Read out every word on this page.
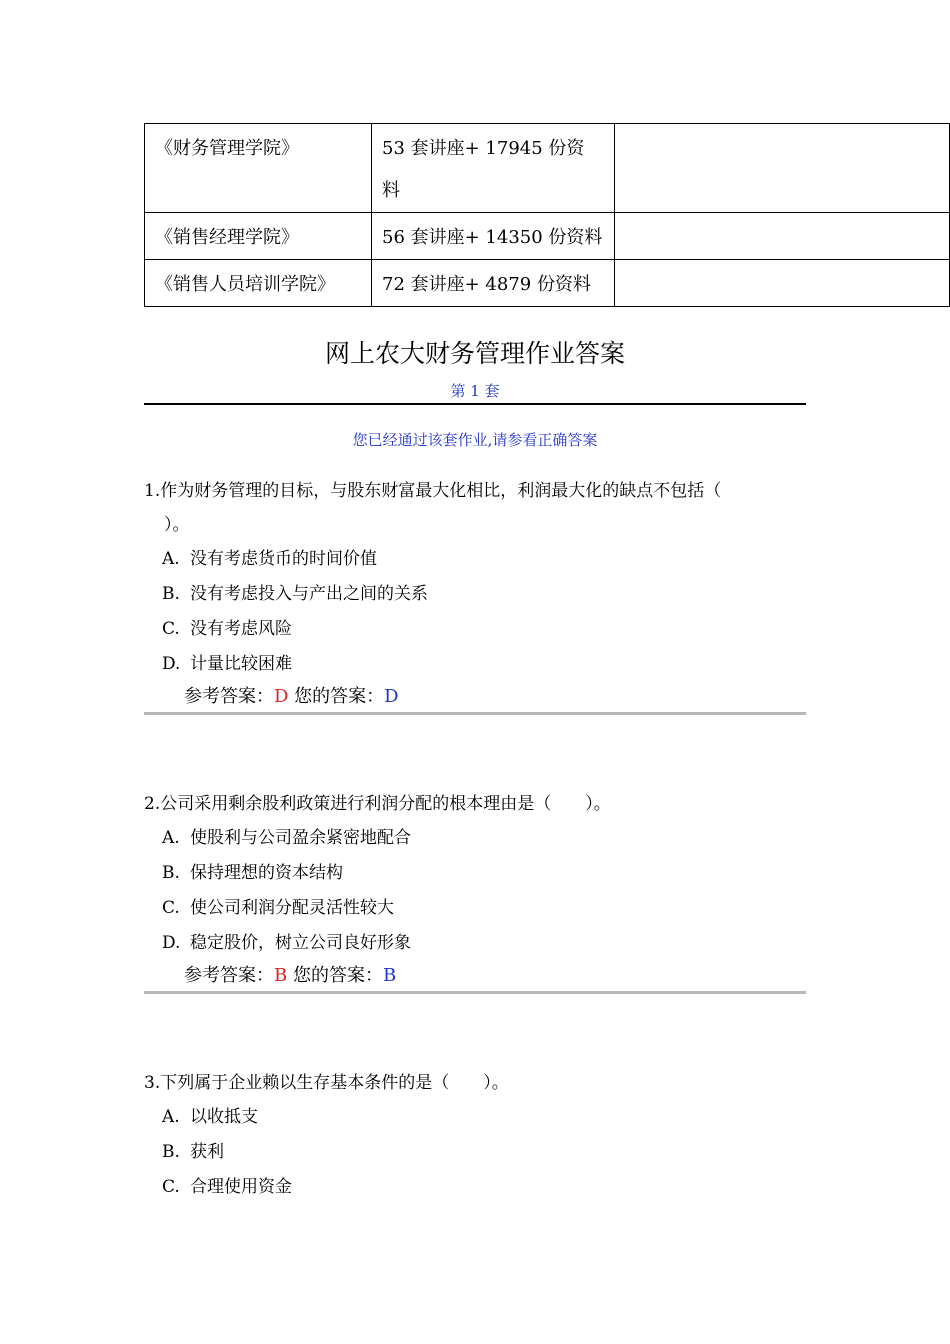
《财务管理学院》	53 套讲座+ 17945 份资
料	
《销售经理学院》	56 套讲座+ 14350 份资料	
《销售人员培训学院》	72 套讲座+ 4879 份资料	
网上农大财务管理作业答案
第 1 套
您已经通过该套作业,请参看正确答案

1.作为财务管理的目标，与股东财富最大化相比，利润最大化的缺点不包括（
）。

A. 没有考虑货币的时间价值
B. 没有考虑投入与产出之间的关系
C. 没有考虑风险
D. 计量比较困难
参考答案：D 您的答案：D

2.公司采用剩余股利政策进行利润分配的根本理由是（　　）。

A. 使股利与公司盈余紧密地配合
B. 保持理想的资本结构
C. 使公司利润分配灵活性较大
D. 稳定股价，树立公司良好形象
参考答案：B 您的答案：B

3.下列属于企业赖以生存基本条件的是（　　）。

A. 以收抵支
B. 获利
C. 合理使用资金
